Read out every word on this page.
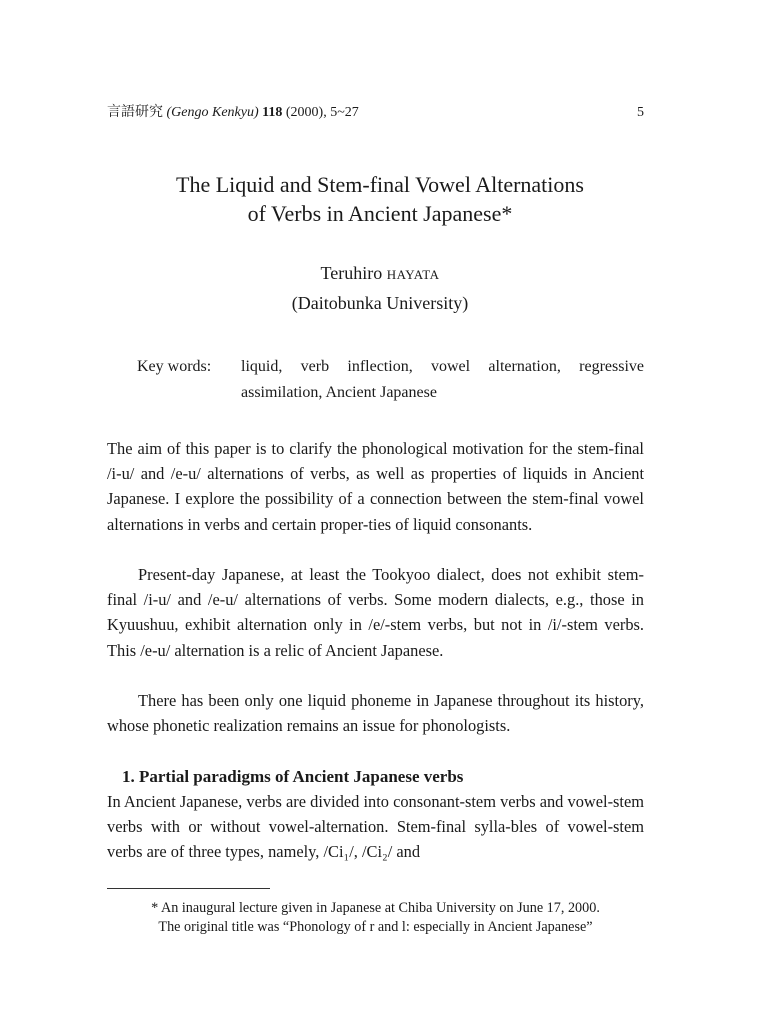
言語研究 (Gengo Kenkyu) 118 (2000), 5~27	5
The Liquid and Stem-final Vowel Alternations
of Verbs in Ancient Japanese*
Teruhiro HAYATA
(Daitobunka University)
Key words: liquid, verb inflection, vowel alternation, regressive assimilation, Ancient Japanese

The aim of this paper is to clarify the phonological motivation for the stem-final /i-u/ and /e-u/ alternations of verbs, as well as properties of liquids in Ancient Japanese. I explore the possibility of a connection between the stem-final vowel alternations in verbs and certain proper-ties of liquid consonants.

Present-day Japanese, at least the Tookyoo dialect, does not exhibit stem-final /i-u/ and /e-u/ alternations of verbs. Some modern dialects, e.g., those in Kyuushuu, exhibit alternation only in /e/-stem verbs, but not in /i/-stem verbs. This /e-u/ alternation is a relic of Ancient Japanese.

There has been only one liquid phoneme in Japanese throughout its history, whose phonetic realization remains an issue for phonologists.

1. Partial paradigms of Ancient Japanese verbs

In Ancient Japanese, verbs are divided into consonant-stem verbs and vowel-stem verbs with or without vowel-alternation. Stem-final sylla-bles of vowel-stem verbs are of three types, namely, /Ci₁/, /Ci₂/ and

* An inaugural lecture given in Japanese at Chiba University on June 17, 2000.
The original title was “Phonology of r and l: especially in Ancient Japanese”
